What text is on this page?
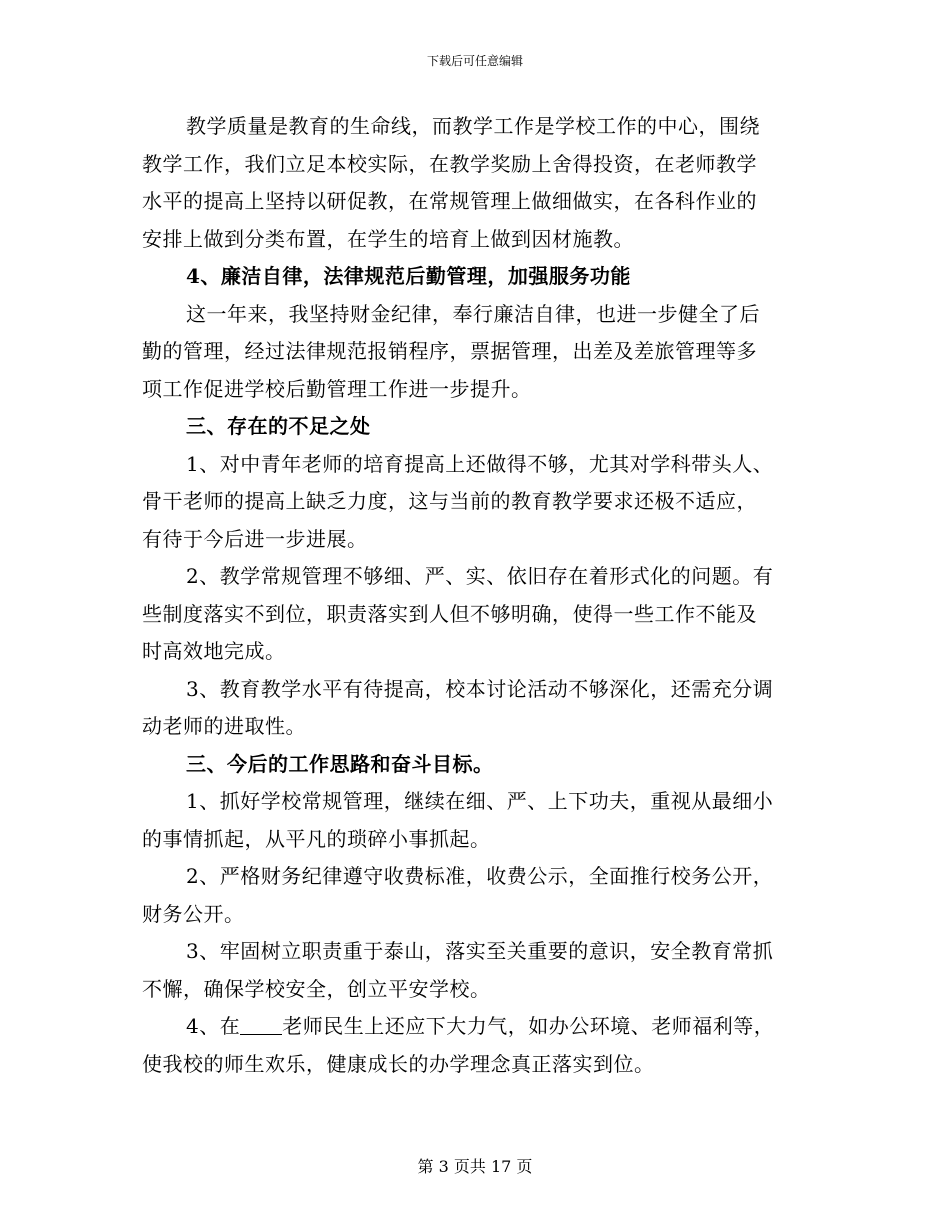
下载后可任意编辑
教学质量是教育的生命线，而教学工作是学校工作的中心，围绕
教学工作，我们立足本校实际，在教学奖励上舍得投资，在老师教学
水平的提高上坚持以研促教，在常规管理上做细做实，在各科作业的
安排上做到分类布置，在学生的培育上做到因材施教。
4、廉洁自律，法律规范后勤管理，加强服务功能
这一年来，我坚持财金纪律，奉行廉洁自律，也进一步健全了后
勤的管理，经过法律规范报销程序，票据管理，出差及差旅管理等多
项工作促进学校后勤管理工作进一步提升。
三、存在的不足之处
1、对中青年老师的培育提高上还做得不够，尤其对学科带头人、
骨干老师的提高上缺乏力度，这与当前的教育教学要求还极不适应，
有待于今后进一步进展。
2、教学常规管理不够细、严、实、依旧存在着形式化的问题。有
些制度落实不到位，职责落实到人但不够明确，使得一些工作不能及
时高效地完成。
3、教育教学水平有待提高，校本讨论活动不够深化，还需充分调
动老师的进取性。
三、今后的工作思路和奋斗目标。
1、抓好学校常规管理，继续在细、严、上下功夫，重视从最细小
的事情抓起，从平凡的琐碎小事抓起。
2、严格财务纪律遵守收费标准，收费公示，全面推行校务公开，
财务公开。
3、牢固树立职责重于泰山，落实至关重要的意识，安全教育常抓
不懈，确保学校安全，创立平安学校。
4、在 老师民生上还应下大力气，如办公环境、老师福利等，
使我校的师生欢乐，健康成长的办学理念真正落实到位。
第 3 页共 17 页
